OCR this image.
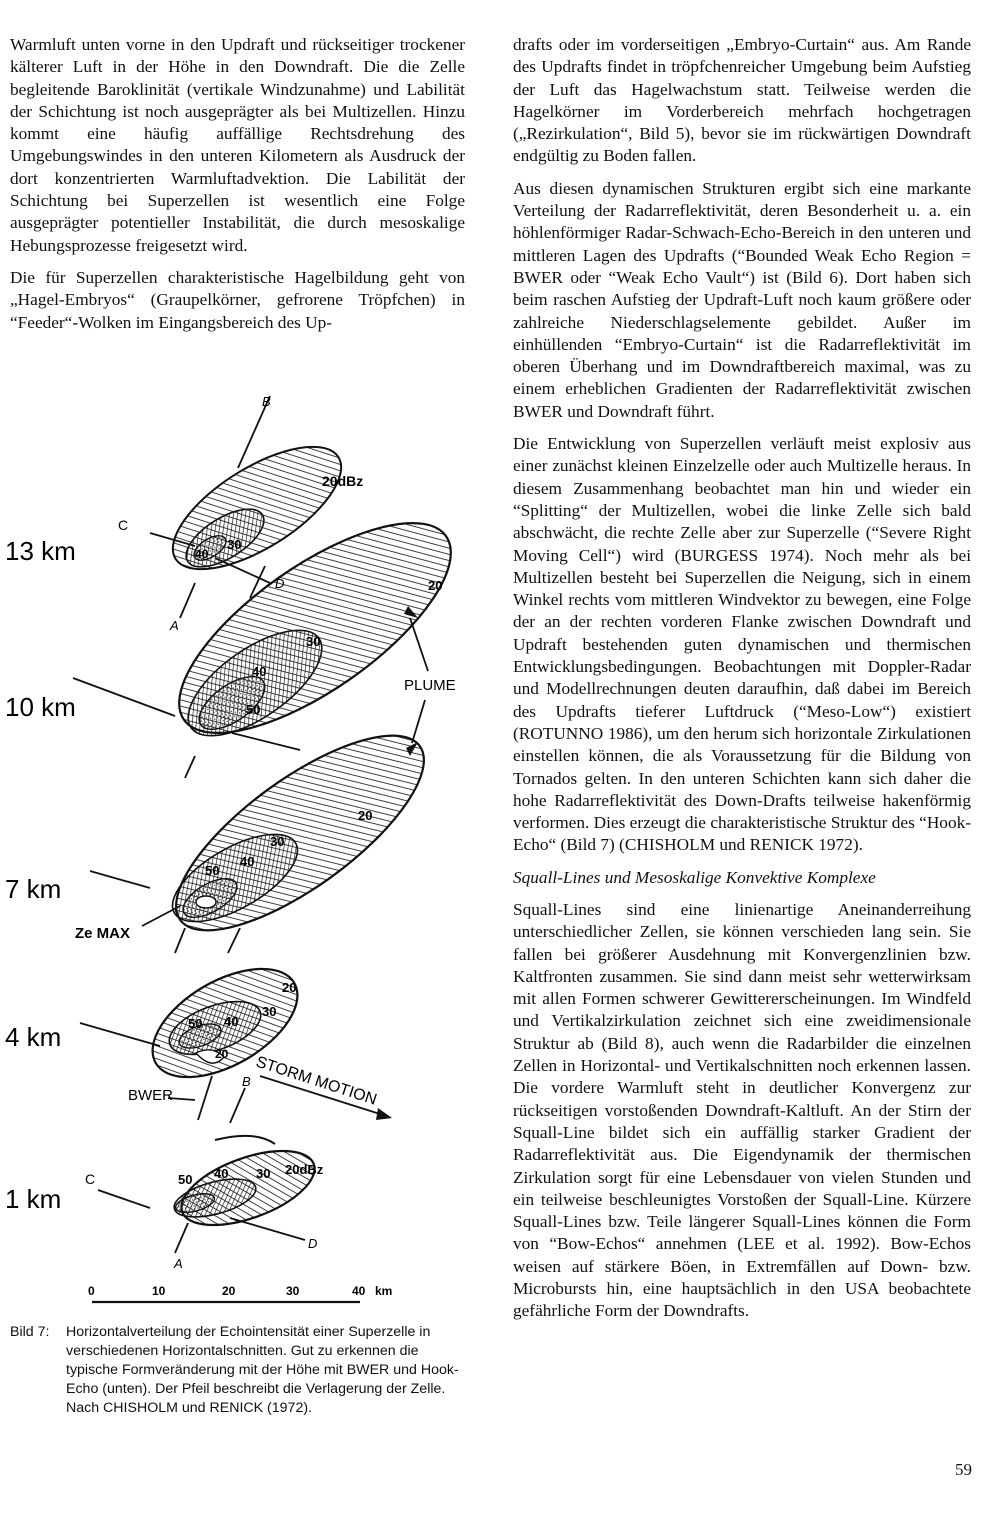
Warmluft unten vorne in den Updraft und rückseitiger trockener kälterer Luft in der Höhe in den Downdraft. Die die Zelle begleitende Baroklinität (vertikale Windzunahme) und Labilität der Schichtung ist noch ausgeprägter als bei Multizellen. Hinzu kommt eine häufig auffällige Rechtsdrehung des Umgebungswindes in den unteren Kilometern als Ausdruck der dort konzentrierten Warmluftadvektion. Die Labilität der Schichtung bei Superzellen ist wesentlich eine Folge ausgeprägter potentieller Instabilität, die durch mesoskalige Hebungsprozesse freigesetzt wird.

Die für Superzellen charakteristische Hagelbildung geht von „Hagel-Embryos“ (Graupelkörner, gefrorene Tröpfchen) in “Feeder“-Wolken im Eingangsbereich des Up-

13 km
20dBz
30
40
B
C
A
10 km
20
30
40
50
PLUME
7 km
20
30
40
50
Ze MAX
4 km
20
30
40
50
20
BWER
B STORM MOTION
1 km
20dBz
30
40
50
C
D
A
0	10	20	30	40 km
Bild 7: Horizontalverteilung der Echointensität einer Superzelle in verschiedenen Horizontalschnitten. Gut zu erkennen die typische Formveränderung mit der Höhe mit BWER und Hook-Echo (unten). Der Pfeil beschreibt die Verlagerung der Zelle. Nach CHISHOLM und RENICK (1972).

drafts oder im vorderseitigen „Embryo-Curtain“ aus. Am Rande des Updrafts findet in tröpfchenreicher Umgebung beim Aufstieg der Luft das Hagelwachstum statt. Teilweise werden die Hagelkörner im Vorderbereich mehrfach hochgetragen („Rezirkulation“, Bild 5), bevor sie im rückwärtigen Downdraft endgültig zu Boden fallen.

Aus diesen dynamischen Strukturen ergibt sich eine markante Verteilung der Radarreflektivität, deren Besonderheit u. a. ein höhlenförmiger Radar-Schwach-Echo-Bereich in den unteren und mittleren Lagen des Updrafts (“Bounded Weak Echo Region = BWER oder “Weak Echo Vault“) ist (Bild 6). Dort haben sich beim raschen Aufstieg der Updraft-Luft noch kaum größere oder zahlreiche Niederschlagselemente gebildet. Außer im einhüllenden “Embryo-Curtain“ ist die Radarreflektivität im oberen Überhang und im Downdraftbereich maximal, was zu einem erheblichen Gradienten der Radarreflektivität zwischen BWER und Downdraft führt.

Die Entwicklung von Superzellen verläuft meist explosiv aus einer zunächst kleinen Einzelzelle oder auch Multizelle heraus. In diesem Zusammenhang beobachtet man hin und wieder ein “Splitting“ der Multizellen, wobei die linke Zelle sich bald abschwächt, die rechte Zelle aber zur Superzelle (“Severe Right Moving Cell“) wird (BURGESS 1974). Noch mehr als bei Multizellen besteht bei Superzellen die Neigung, sich in einem Winkel rechts vom mittleren Windvektor zu bewegen, eine Folge der an der rechten vorderen Flanke zwischen Downdraft und Updraft bestehenden guten dynamischen und thermischen Entwicklungsbedingungen. Beobachtungen mit Doppler-Radar und Modellrechnungen deuten daraufhin, daß dabei im Bereich des Updrafts tieferer Luftdruck (“Meso-Low“) existiert (ROTUNNO 1986), um den herum sich horizontale Zirkulationen einstellen können, die als Voraussetzung für die Bildung von Tornados gelten. In den unteren Schichten kann sich daher die hohe Radarreflektivität des Down-Drafts teilweise hakenförmig verformen. Dies erzeugt die charakteristische Struktur des “Hook-Echo“ (Bild 7) (CHISHOLM und RENICK 1972).

Squall-Lines und Mesoskalige Konvektive Komplexe

Squall-Lines sind eine linienartige Aneinanderreihung unterschiedlicher Zellen, sie können verschieden lang sein. Sie fallen bei größerer Ausdehnung mit Konvergenzlinien bzw. Kaltfronten zusammen. Sie sind dann meist sehr wetterwirksam mit allen Formen schwerer Gewittererscheinungen. Im Windfeld und Vertikalzirkulation zeichnet sich eine zweidimensionale Struktur ab (Bild 8), auch wenn die Radarbilder die einzelnen Zellen in Horizontal- und Vertikalschnitten noch erkennen lassen. Die vordere Warmluft steht in deutlicher Konvergenz zur rückseitigen vorstoßenden Downdraft-Kaltluft. An der Stirn der Squall-Line bildet sich ein auffällig starker Gradient der Radarreflektivität aus. Die Eigendynamik der thermischen Zirkulation sorgt für eine Lebensdauer von vielen Stunden und ein teilweise beschleunigtes Vorstoßen der Squall-Line. Kürzere Squall-Lines bzw. Teile längerer Squall-Lines können die Form von “Bow-Echos“ annehmen (LEE et al. 1992). Bow-Echos weisen auf stärkere Böen, in Extremfällen auf Down- bzw. Microbursts hin, eine hauptsächlich in den USA beobachtete gefährliche Form der Downdrafts.

59
